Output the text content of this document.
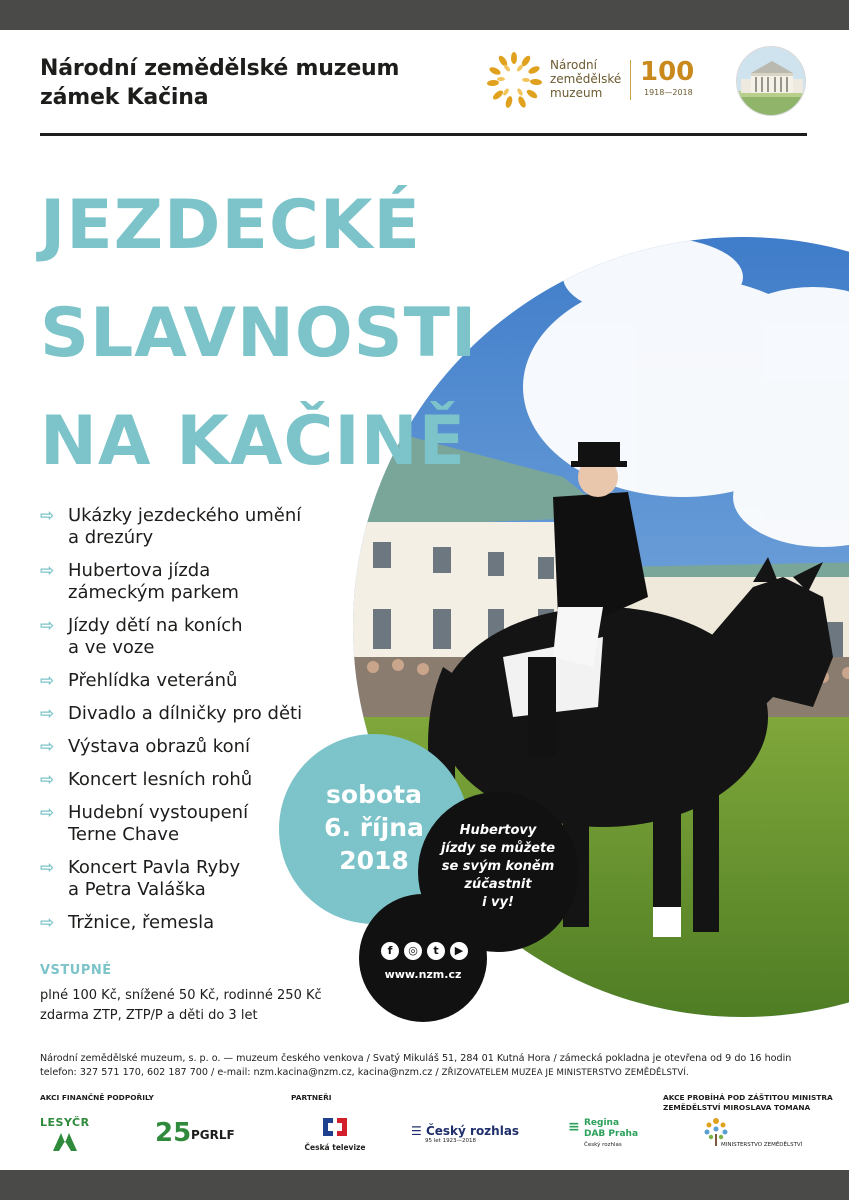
Národní zemědělské muzeum
zámek Kačina
Národní
zemědělské
muzeum
100
1918—2018
JEZDECKÉ
SLAVNOSTI
NA KAČINĚ
⇨ Ukázky jezdeckého umění
a drezúry
⇨ Hubertova jízda
zámeckým parkem
⇨ Jízdy dětí na koních
a ve voze
⇨ Přehlídka veteránů
⇨ Divadlo a dílničky pro děti
⇨ Výstava obrazů koní
⇨ Koncert lesních rohů
⇨ Hudební vystoupení
Terne Chave
⇨ Koncert Pavla Ryby
a Petra Valáška
⇨ Tržnice, řemesla
VSTUPNÉ
plné 100 Kč, snížené 50 Kč, rodinné 250 Kč
zdarma ZTP, ZTP/P a děti do 3 let
sobota
6. října
2018
Hubertovy
jízdy se můžete
se svým koněm
zúčastnit
i vy!
f	◎	t	▶
www.nzm.cz
Národní zemědělské muzeum, s. p. o. — muzeum českého venkova / Svatý Mikuláš 51, 284 01 Kutná Hora / zámecká pokladna je otevřena od 9 do 16 hodin
telefon: 327 571 170, 602 187 700 / e-mail: nzm.kacina@nzm.cz, kacina@nzm.cz / ZŘIZOVATELEM MUZEA JE MINISTERSTVO ZEMĚDĚLSTVÍ.
AKCI FINANČNĚ PODPOŘILY	PARTNEŘI	AKCE PROBÍHÁ POD ZÁŠTITOU MINISTRA
ZEMĚDĚLSTVÍ MIROSLAVA TOMANA
LESYČR	25 PGRLF
Česká televize
☰ Český rozhlas
95 let 1923—2018
≡ Regina
DAB Praha
Český rozhlas	MINISTERSTVO ZEMĚDĚLSTVÍ
